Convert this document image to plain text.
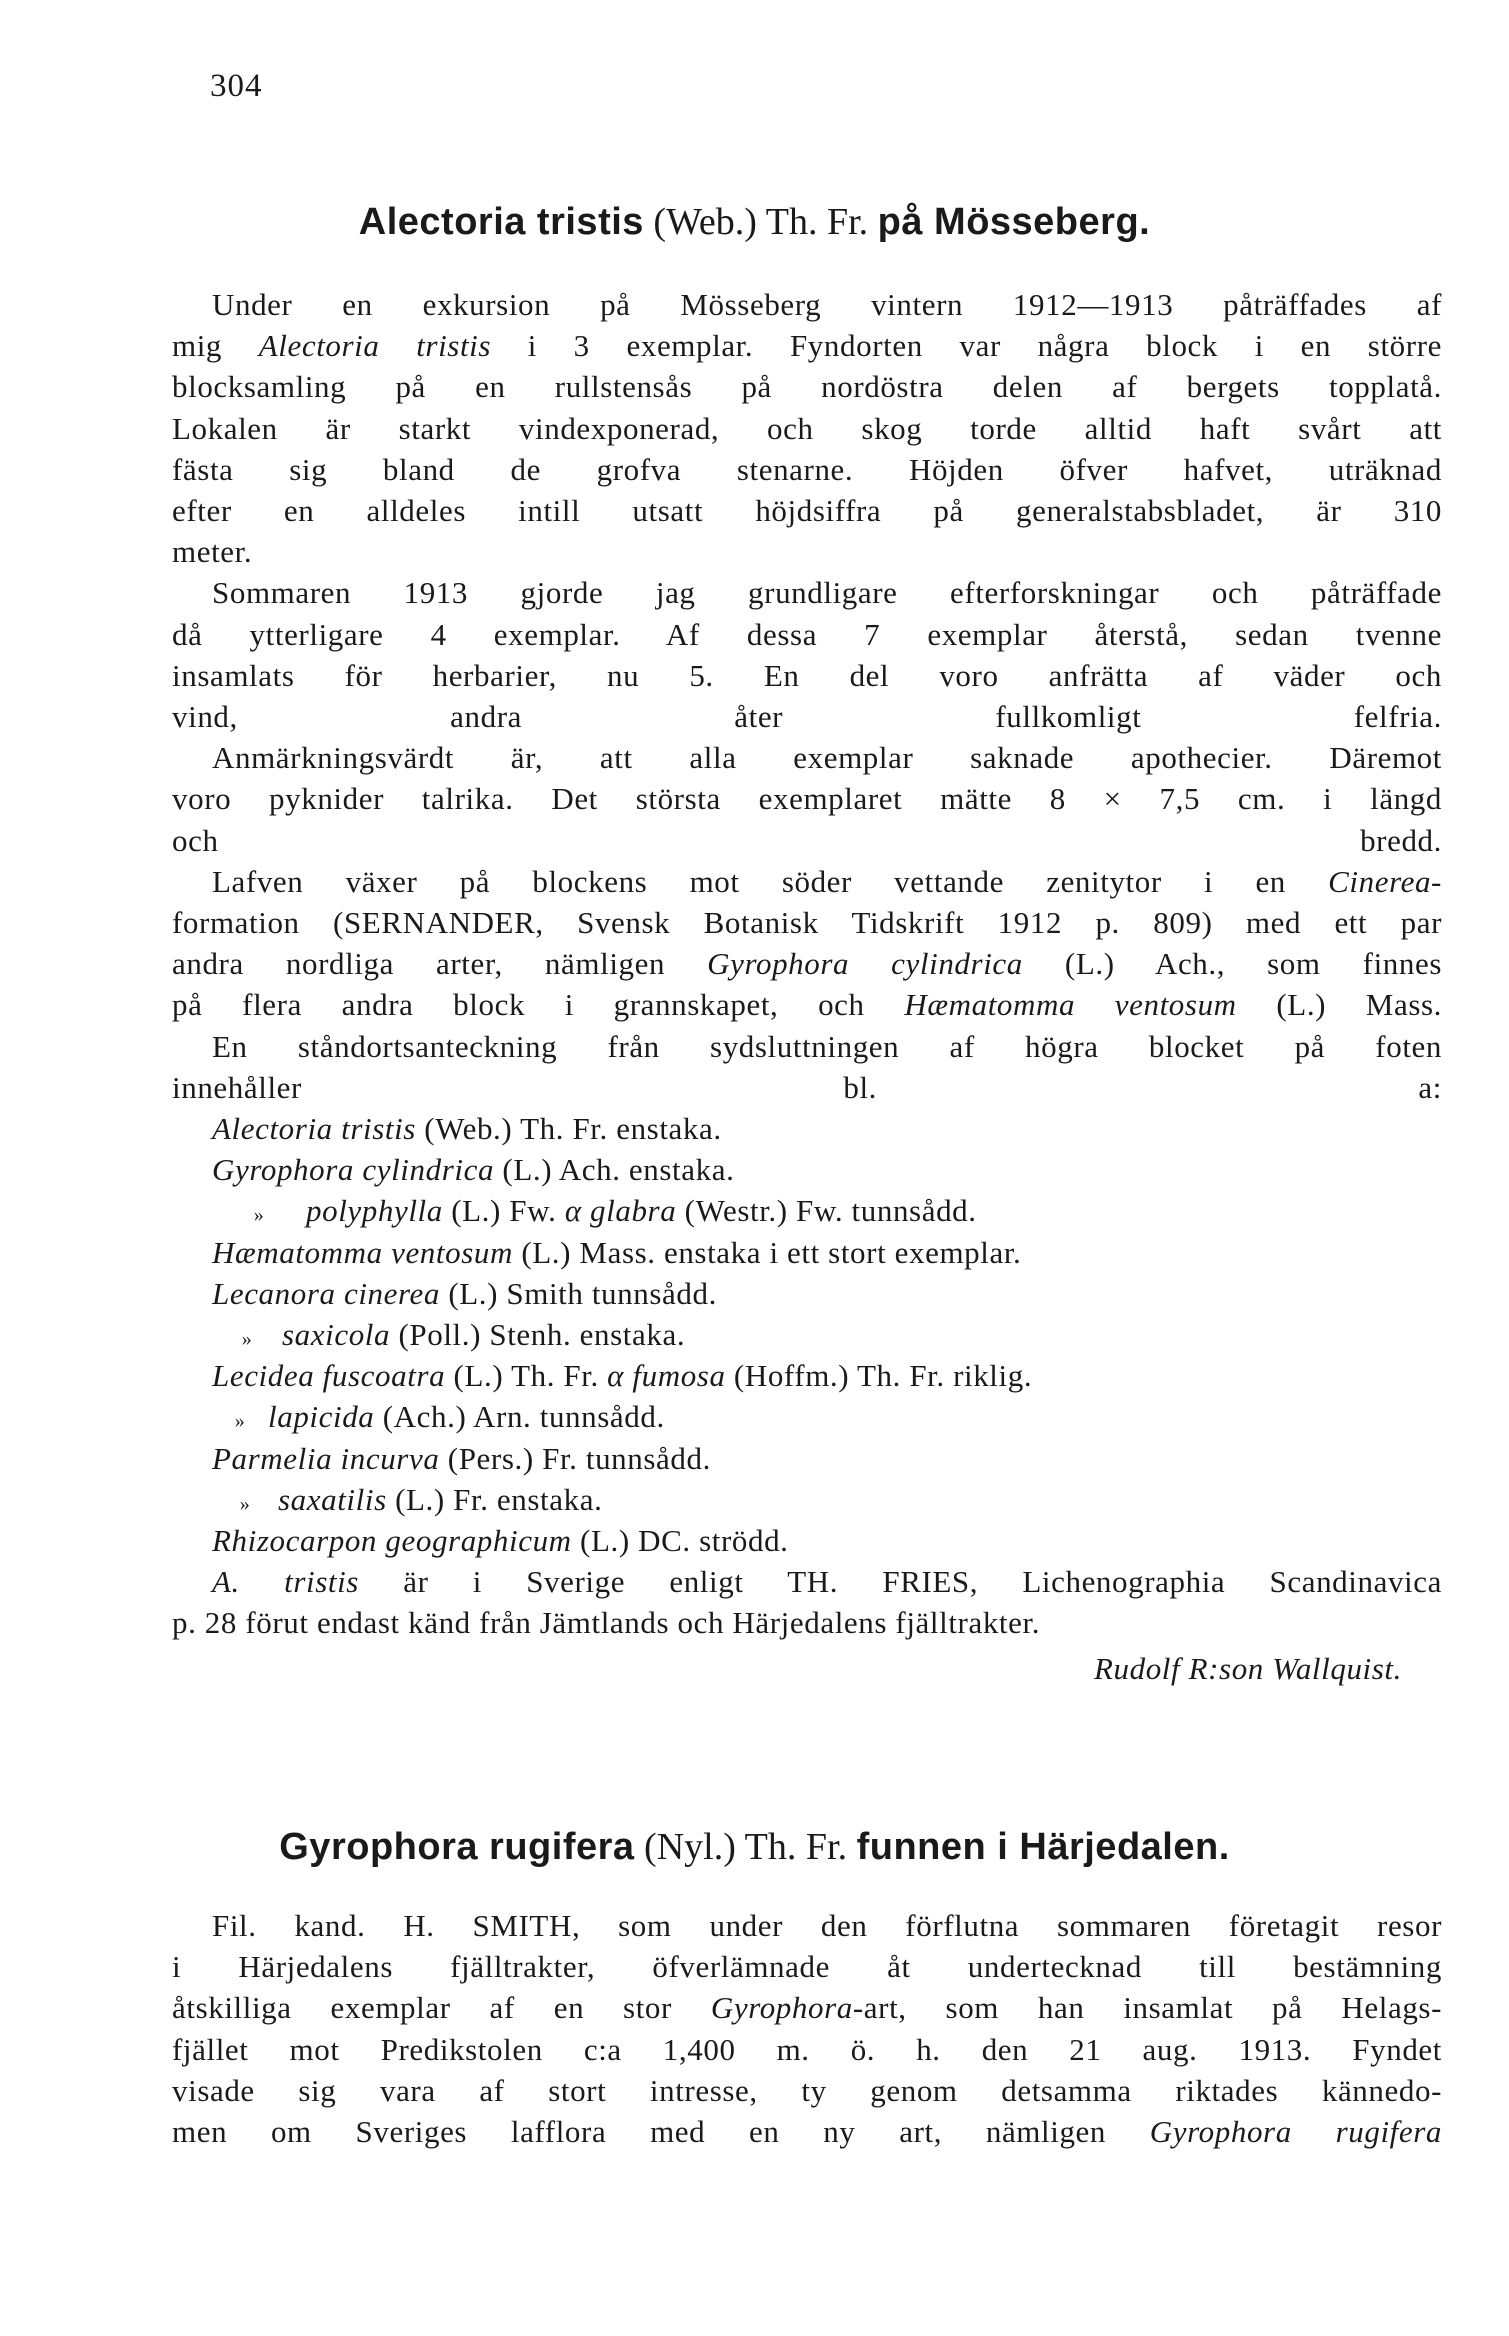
304
Alectoria tristis (Web.) Th. Fr. på Mösseberg.
Under en exkursion på Mösseberg vintern 1912—1913 påträffades af
mig Alectoria tristis i 3 exemplar. Fyndorten var några block i en större
blocksamling på en rullstensås på nordöstra delen af bergets topplatå.
Lokalen är starkt vindexponerad, och skog torde alltid haft svårt att
fästa sig bland de grofva stenarne. Höjden öfver hafvet, uträknad
efter en alldeles intill utsatt höjdsiffra på generalstabsbladet, är 310
meter.
Sommaren 1913 gjorde jag grundligare efterforskningar och påträffade
då ytterligare 4 exemplar. Af dessa 7 exemplar återstå, sedan tvenne
insamlats för herbarier, nu 5. En del voro anfrätta af väder och
vind, andra åter fullkomligt felfria.
Anmärkningsvärdt är, att alla exemplar saknade apothecier. Däremot
voro pyknider talrika. Det största exemplaret mätte 8 × 7,5 cm. i längd
och bredd.
Lafven växer på blockens mot söder vettande zenitytor i en Cinerea-
formation (SERNANDER, Svensk Botanisk Tidskrift 1912 p. 809) med ett par
andra nordliga arter, nämligen Gyrophora cylindrica (L.) Ach., som finnes
på flera andra block i grannskapet, och Hæmatomma ventosum (L.) Mass.
En ståndortsanteckning från sydsluttningen af högra blocket på foten
innehåller bl. a:
Alectoria tristis (Web.) Th. Fr. enstaka.
Gyrophora cylindrica (L.) Ach. enstaka.
» polyphylla (L.) Fw. α glabra (Westr.) Fw. tunnsådd.
Hæmatomma ventosum (L.) Mass. enstaka i ett stort exemplar.
Lecanora cinerea (L.) Smith tunnsådd.
» saxicola (Poll.) Stenh. enstaka.
Lecidea fuscoatra (L.) Th. Fr. α fumosa (Hoffm.) Th. Fr. riklig.
» lapicida (Ach.) Arn. tunnsådd.
Parmelia incurva (Pers.) Fr. tunnsådd.
» saxatilis (L.) Fr. enstaka.
Rhizocarpon geographicum (L.) DC. strödd.
A. tristis är i Sverige enligt TH. FRIES, Lichenographia Scandinavica
p. 28 förut endast känd från Jämtlands och Härjedalens fjälltrakter.
Rudolf R:son Wallquist.
Gyrophora rugifera (Nyl.) Th. Fr. funnen i Härjedalen.
Fil. kand. H. SMITH, som under den förflutna sommaren företagit resor
i Härjedalens fjälltrakter, öfverlämnade åt undertecknad till bestämning
åtskilliga exemplar af en stor Gyrophora-art, som han insamlat på Helags-
fjället mot Predikstolen c:a 1,400 m. ö. h. den 21 aug. 1913. Fyndet
visade sig vara af stort intresse, ty genom detsamma riktades kännedo-
men om Sveriges lafflora med en ny art, nämligen Gyrophora rugifera
